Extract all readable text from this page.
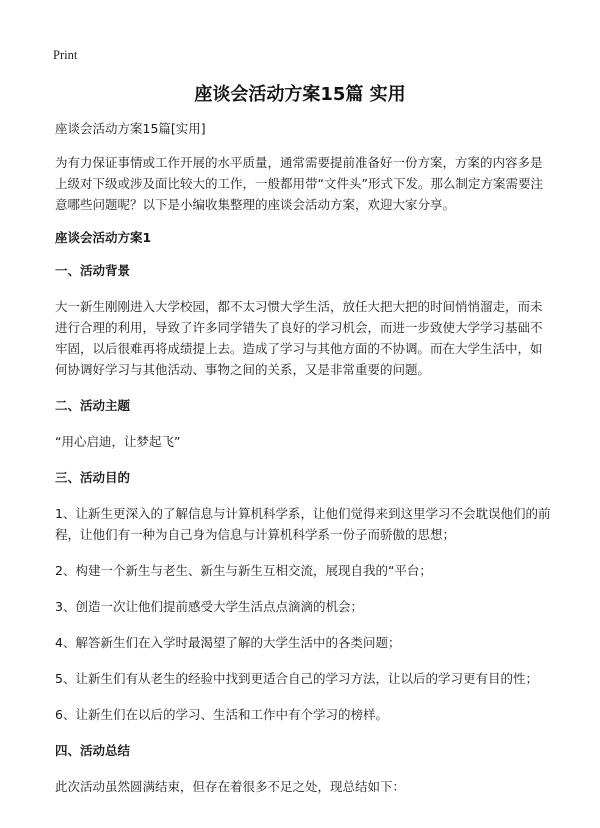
Print
座谈会活动方案15篇 实用

座谈会活动方案15篇[实用]

为有力保证事情或工作开展的水平质量，通常需要提前准备好一份方案，方案的内容多是上级对下级或涉及面比较大的工作，一般都用带“文件头”形式下发。那么制定方案需要注意哪些问题呢？以下是小编收集整理的座谈会活动方案，欢迎大家分享。

座谈会活动方案1

一、活动背景

大一新生刚刚进入大学校园，都不太习惯大学生活，放任大把大把的时间悄悄溜走，而未进行合理的利用，导致了许多同学错失了良好的学习机会，而进一步致使大学学习基础不牢固，以后很难再将成绩提上去。造成了学习与其他方面的不协调。而在大学生活中，如何协调好学习与其他活动、事物之间的关系，又是非常重要的问题。

二、活动主题

“用心启迪，让梦起飞”

三、活动目的

1、让新生更深入的了解信息与计算机科学系，让他们觉得来到这里学习不会耽误他们的前程，让他们有一种为自己身为信息与计算机科学系一份子而骄傲的思想；

2、构建一个新生与老生、新生与新生互相交流，展现自我的“平台；

3、创造一次让他们提前感受大学生活点点滴滴的机会；

4、解答新生们在入学时最渴望了解的大学生活中的各类问题；

5、让新生们有从老生的经验中找到更适合自己的学习方法，让以后的学习更有目的性；

6、让新生们在以后的学习、生活和工作中有个学习的榜样。

四、活动总结

此次活动虽然圆满结束，但存在着很多不足之处，现总结如下：
